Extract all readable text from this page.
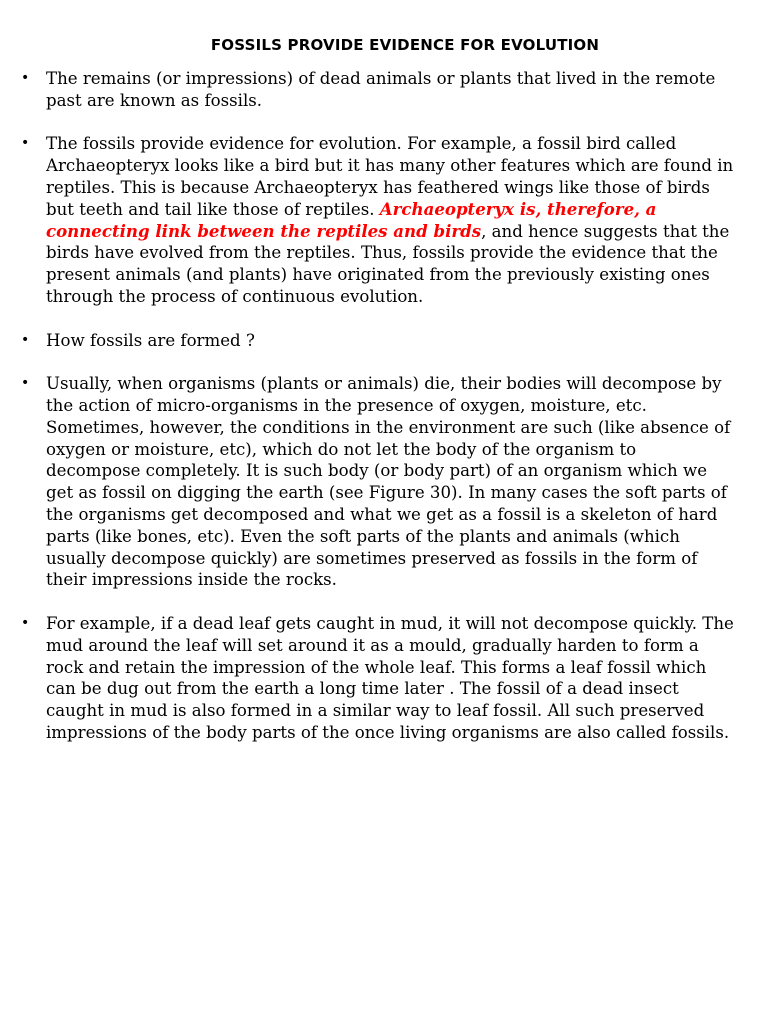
FOSSILS PROVIDE EVIDENCE FOR EVOLUTION
• The remains (or impressions) of dead animals or plants that lived in the remote past are known as fossils.
• The fossils provide evidence for evolution. For example, a fossil bird called Archaeopteryx looks like a bird but it has many other features which are found in reptiles. This is because Archaeopteryx has feathered wings like those of birds but teeth and tail like those of reptiles. Archaeopteryx is, therefore, a connecting link between the reptiles and birds, and hence suggests that the birds have evolved from the reptiles. Thus, fossils provide the evidence that the present animals (and plants) have originated from the previously existing ones through the process of continuous evolution.
• How fossils are formed ?
• Usually, when organisms (plants or animals) die, their bodies will decompose by the action of micro-organisms in the presence of oxygen, moisture, etc. Sometimes, however, the conditions in the environment are such (like absence of oxygen or moisture, etc), which do not let the body of the organism to decompose completely. It is such body (or body part) of an organism which we get as fossil on digging the earth (see Figure 30). In many cases the soft parts of the organisms get decomposed and what we get as a fossil is a skeleton of hard parts (like bones, etc). Even the soft parts of the plants and animals (which usually decompose quickly) are sometimes preserved as fossils in the form of their impressions inside the rocks.
• For example, if a dead leaf gets caught in mud, it will not decompose quickly. The mud around the leaf will set around it as a mould, gradually harden to form a rock and retain the impression of the whole leaf. This forms a leaf fossil which can be dug out from the earth a long time later . The fossil of a dead insect caught in mud is also formed in a similar way to leaf fossil. All such preserved impressions of the body parts of the once living organisms are also called fossils.
